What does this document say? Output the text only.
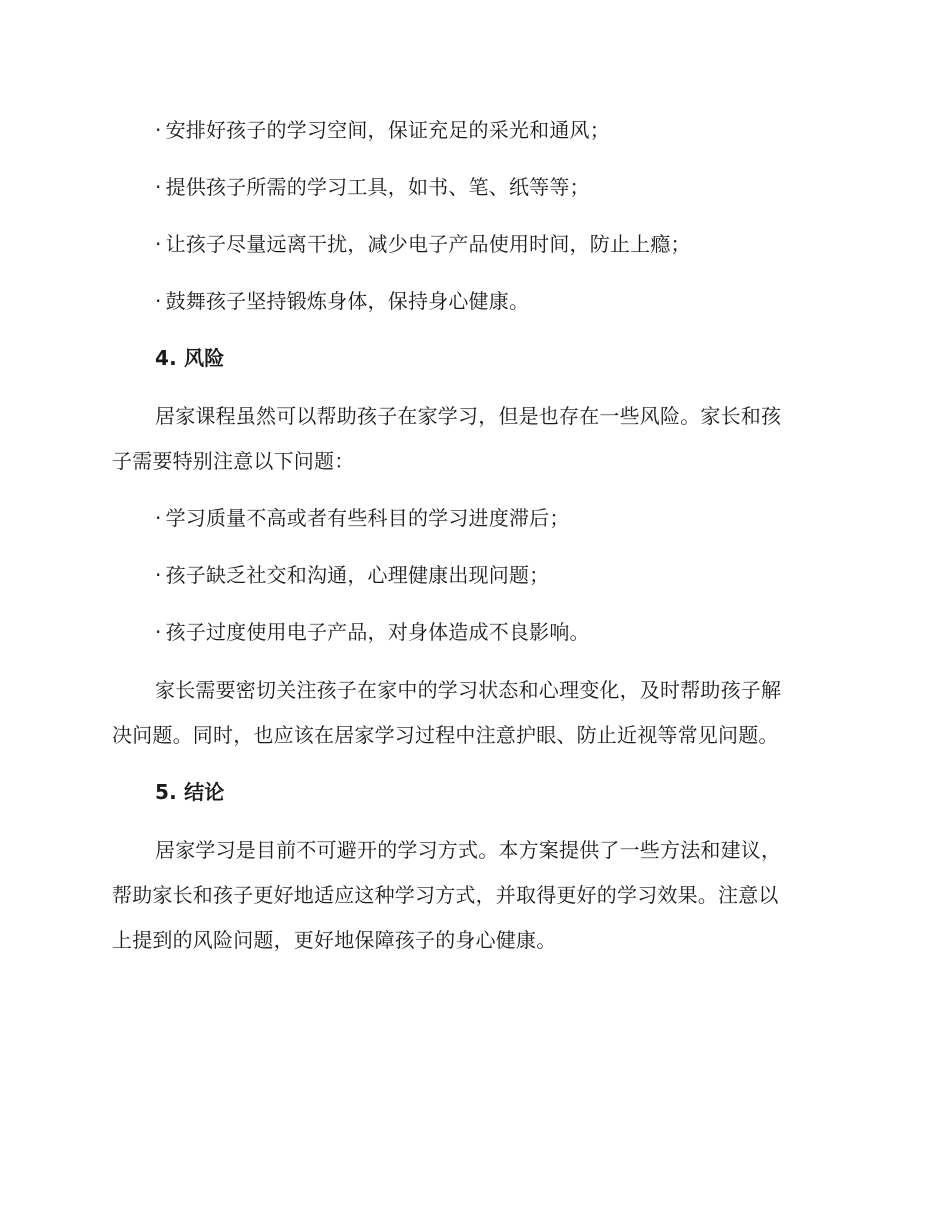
· 安排好孩子的学习空间，保证充足的采光和通风；
· 提供孩子所需的学习工具，如书、笔、纸等等；
· 让孩子尽量远离干扰，减少电子产品使用时间，防止上瘾；
· 鼓舞孩子坚持锻炼身体，保持身心健康。
4. 风险
居家课程虽然可以帮助孩子在家学习，但是也存在一些风险。家长和孩
子需要特别注意以下问题：
· 学习质量不高或者有些科目的学习进度滞后；
· 孩子缺乏社交和沟通，心理健康出现问题；
· 孩子过度使用电子产品，对身体造成不良影响。
家长需要密切关注孩子在家中的学习状态和心理变化，及时帮助孩子解
决问题。同时，也应该在居家学习过程中注意护眼、防止近视等常见问题。
5. 结论
居家学习是目前不可避开的学习方式。本方案提供了一些方法和建议，
帮助家长和孩子更好地适应这种学习方式，并取得更好的学习效果。注意以
上提到的风险问题，更好地保障孩子的身心健康。
